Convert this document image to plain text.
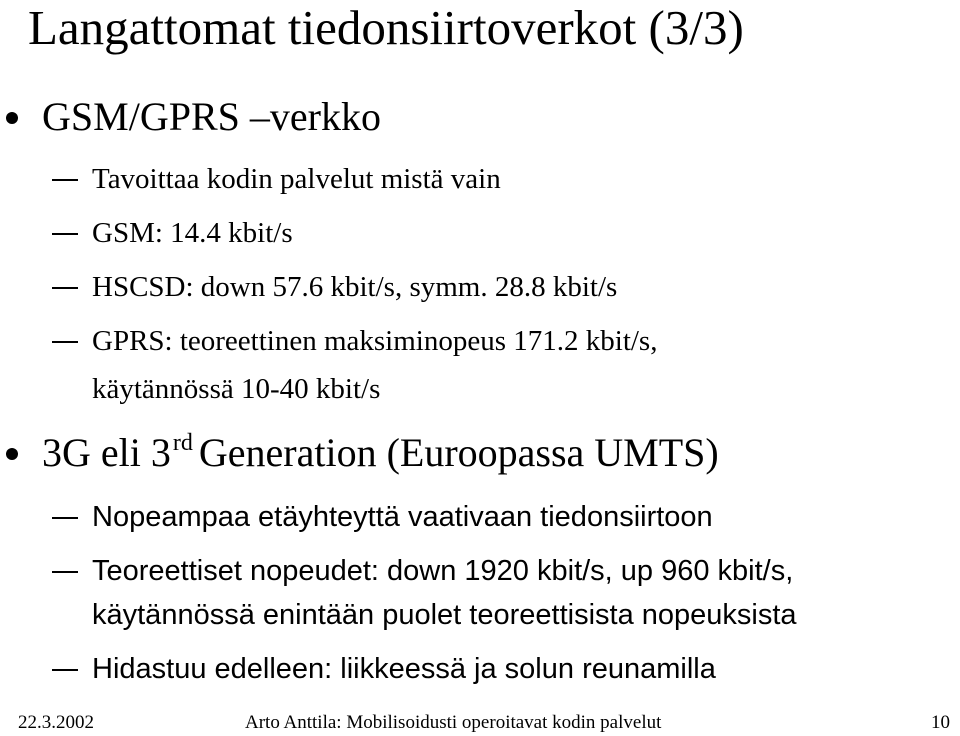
Langattomat tiedonsiirtoverkot (3/3)
GSM/GPRS –verkko
Tavoittaa kodin palvelut mistä vain
GSM: 14.4 kbit/s
HSCSD: down 57.6 kbit/s, symm. 28.8 kbit/s
GPRS: teoreettinen maksiminopeus 171.2 kbit/s,
käytännössä 10-40 kbit/s
3G eli 3rd Generation (Euroopassa UMTS)
Nopeampaa etäyhteyttä vaativaan tiedonsiirtoon
Teoreettiset nopeudet: down 1920 kbit/s, up 960 kbit/s,
käytännössä enintään puolet teoreettisista nopeuksista
Hidastuu edelleen: liikkeessä ja solun reunamilla
22.3.2002	Arto Anttila: Mobilisoidusti operoitavat kodin palvelut	10
